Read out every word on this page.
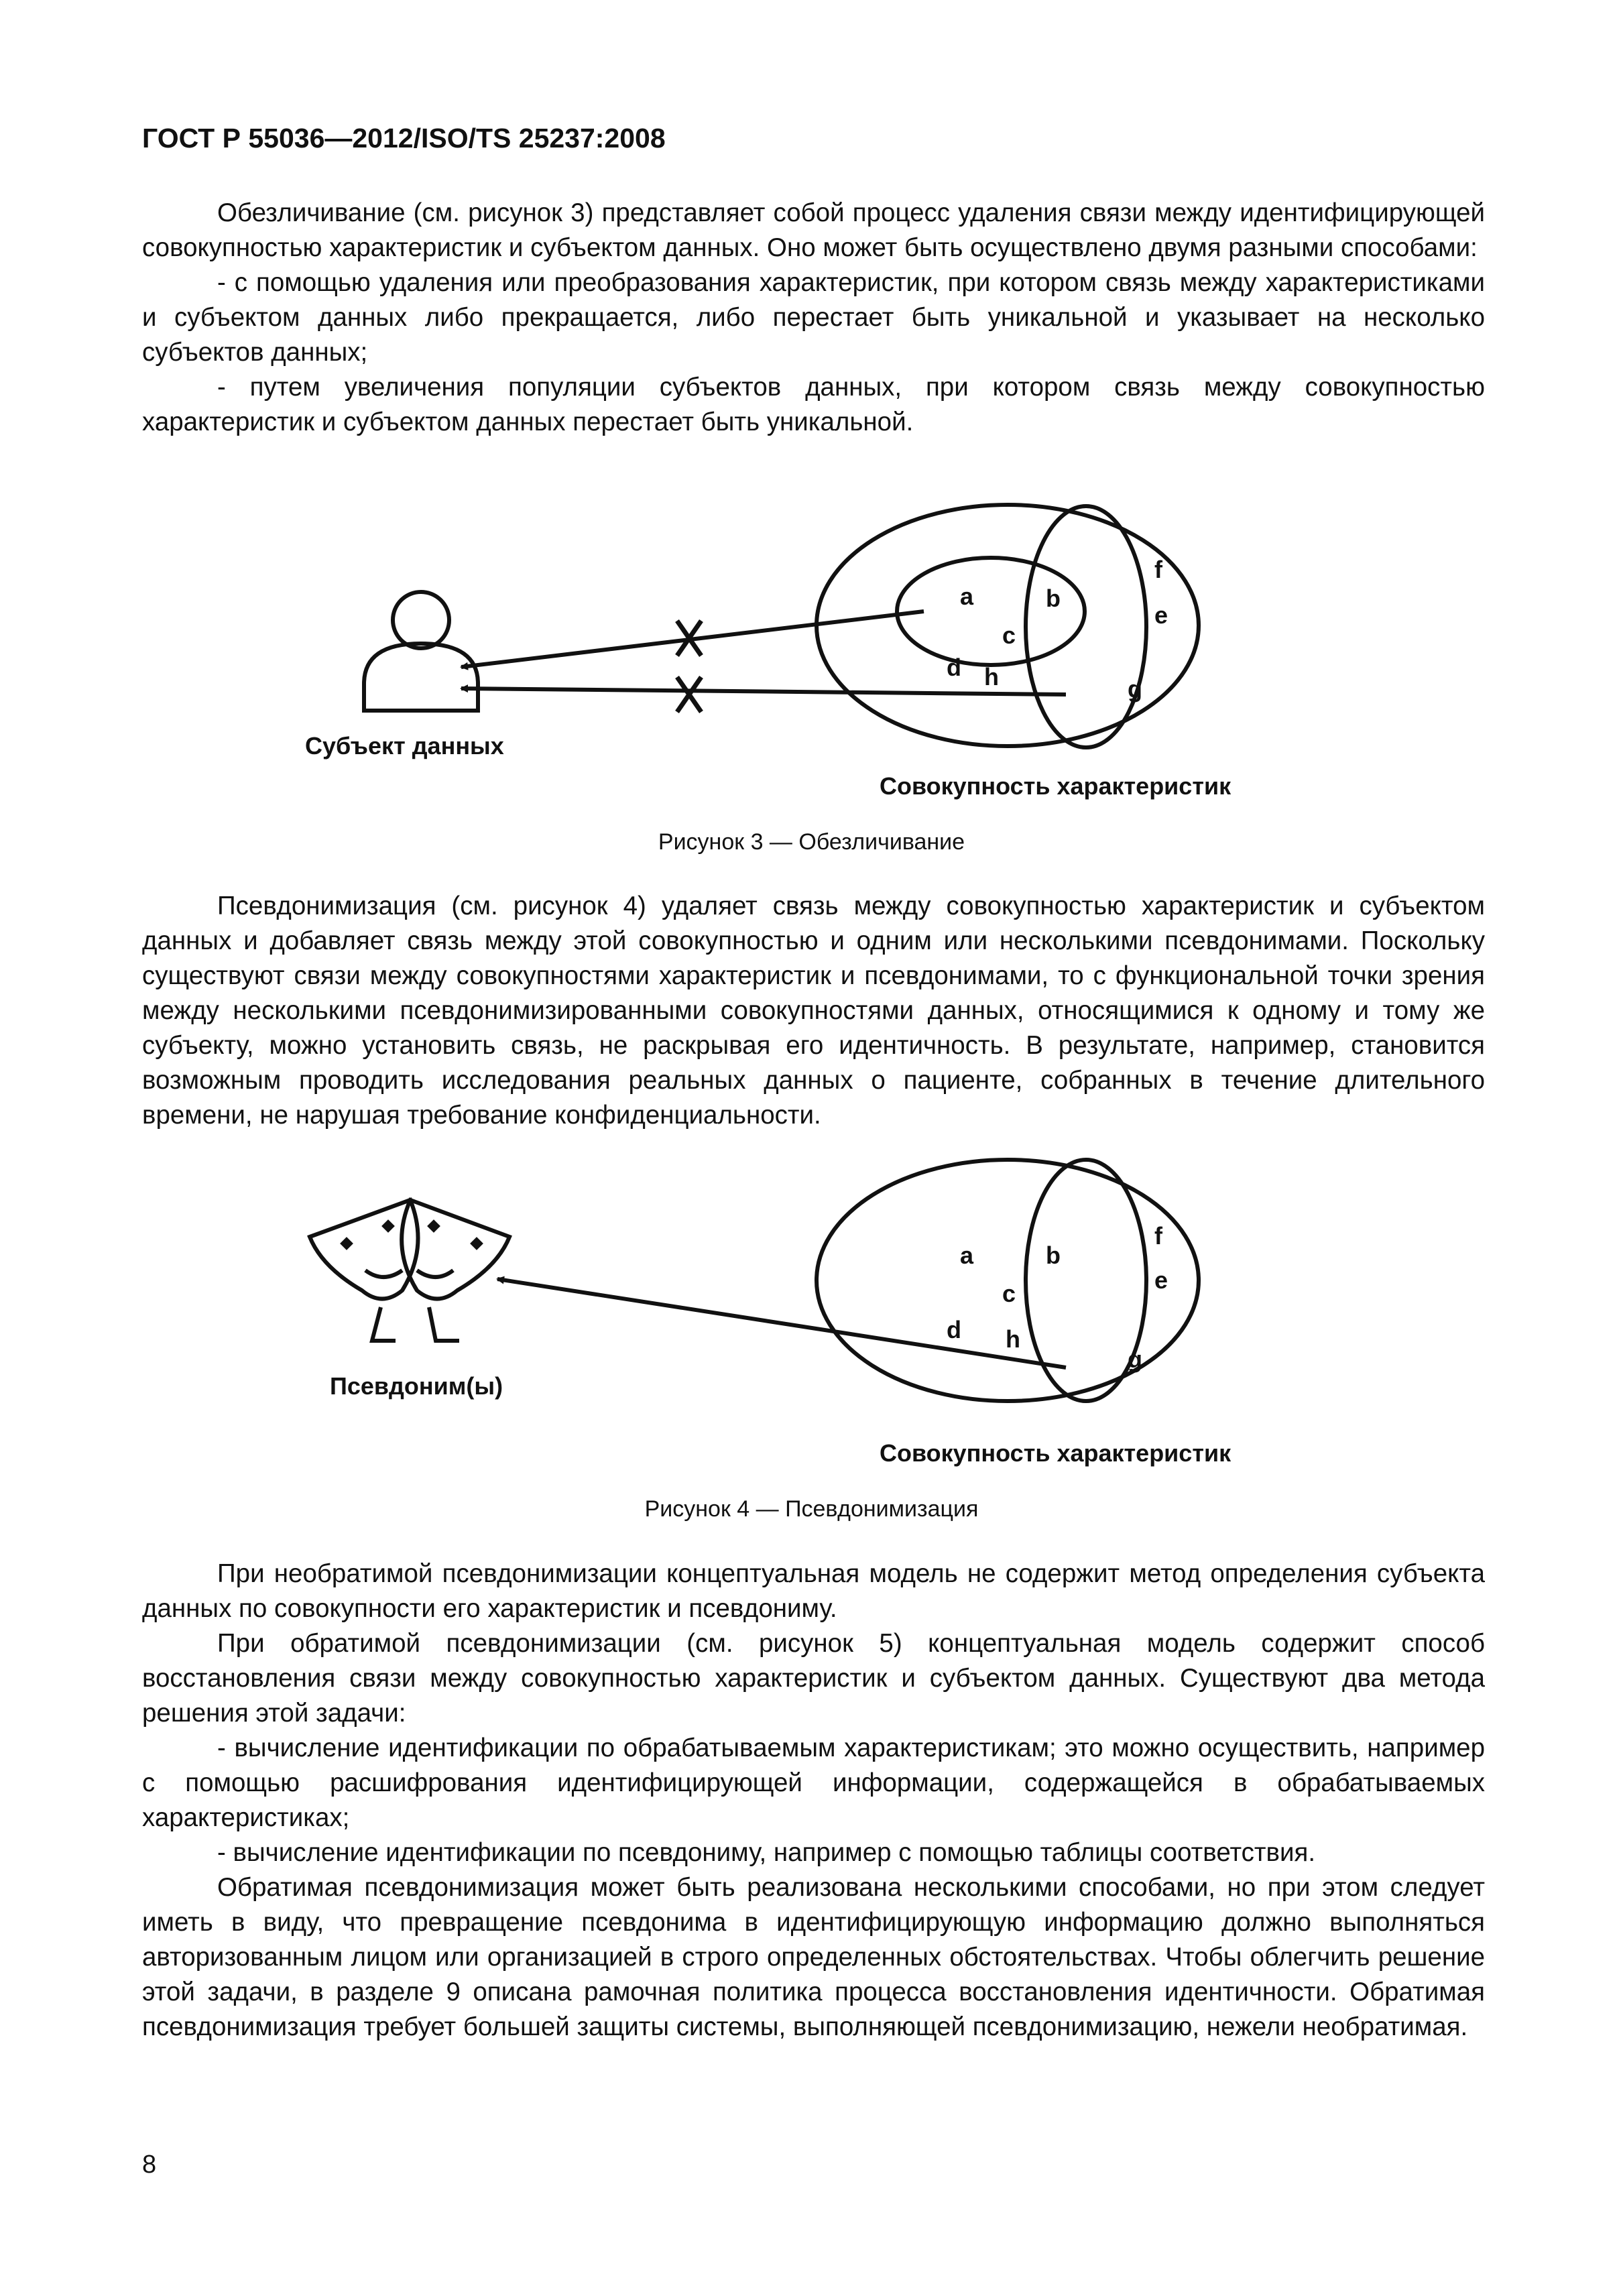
ГОСТ Р 55036—2012/ISO/TS 25237:2008

Обезличивание (см. рисунок 3) представляет собой процесс удаления связи между идентифицирующей совокупностью характеристик и субъектом данных. Оно может быть осуществлено двумя разными способами:

- с помощью удаления или преобразования характеристик, при котором связь между характеристиками и субъектом данных либо прекращается, либо перестает быть уникальной и указывает на несколько субъектов данных;

- путем увеличения популяции субъектов данных, при котором связь между совокупностью характеристик и субъектом данных перестает быть уникальной.

a	b
c
d
e
f
g
h
Субъект данных
Совокупность характеристик
Рисунок 3 — Обезличивание

Псевдонимизация (см. рисунок 4) удаляет связь между совокупностью характеристик и субъектом данных и добавляет связь между этой совокупностью и одним или несколькими псевдонимами. Поскольку существуют связи между совокупностями характеристик и псевдонимами, то с функциональной точки зрения между несколькими псевдонимизированными совокупностями данных, относящимися к одному и тому же субъекту, можно установить связь, не раскрывая его идентичность. В результате, например, становится возможным проводить исследования реальных данных о пациенте, собранных в течение длительного времени, не нарушая требование конфиденциальности.

a	b
c
d
e
f
g
h
Псевдоним(ы)
Совокупность характеристик
Рисунок 4 — Псевдонимизация

При необратимой псевдонимизации концептуальная модель не содержит метод определения субъекта данных по совокупности его характеристик и псевдониму.

При обратимой псевдонимизации (см. рисунок 5) концептуальная модель содержит способ восстановления связи между совокупностью характеристик и субъектом данных. Существуют два метода решения этой задачи:

- вычисление идентификации по обрабатываемым характеристикам; это можно осуществить, например с помощью расшифрования идентифицирующей информации, содержащейся в обрабатываемых характеристиках;

- вычисление идентификации по псевдониму, например с помощью таблицы соответствия.

Обратимая псевдонимизация может быть реализована несколькими способами, но при этом следует иметь в виду, что превращение псевдонима в идентифицирующую информацию должно выполняться авторизованным лицом или организацией в строго определенных обстоятельствах. Чтобы облегчить решение этой задачи, в разделе 9 описана рамочная политика процесса восстановления идентичности. Обратимая псевдонимизация требует большей защиты системы, выполняющей псевдонимизацию, нежели необратимая.

8
